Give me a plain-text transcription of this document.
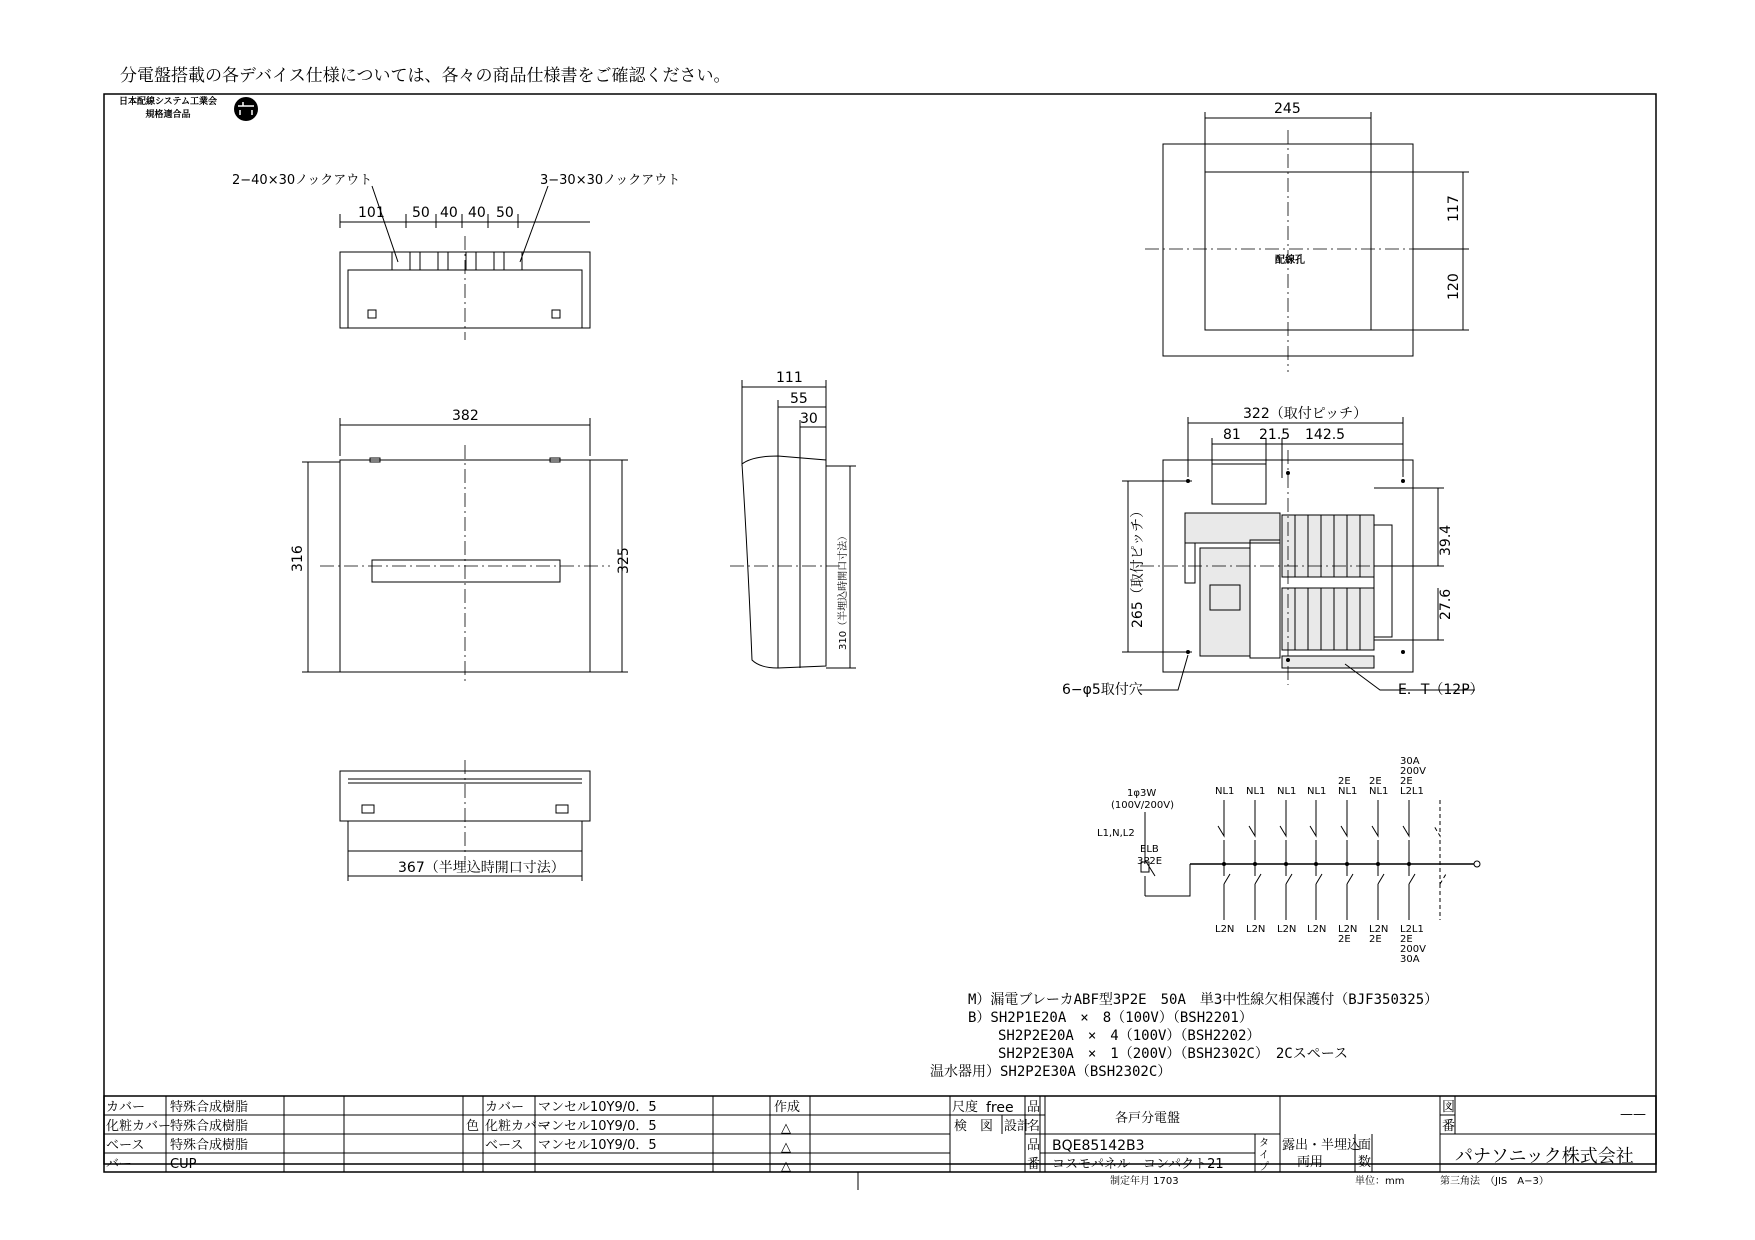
分電盤搭載の各デバイス仕様については、各々の商品仕様書をご確認ください。
日本配線システム工業会
規格適合品
2−40×30ノックアウト	3−30×30ノックアウト
101 50 40 40 50
382
316	325
111
55
30
310（半埋込時開口寸法）
367（半埋込時開口寸法）
245
配線孔
117
120
322（取付ピッチ）
81 21.5 142.5
265（取付ピッチ）	39.4
27.6
6−φ5取付穴	E．T（12P）
1φ3W
(100V/200V)
L1,N,L2
ELB
3P2E
NL1
L2N
NL1
L2N
NL1
L2N
NL1
L2N
2E
NL1
L2N
2E
2E
NL1
L2N
2E
30A
200V
2E
L2L1
L2L1
2E
200V
30A
M）漏電ブレーカABF型3P2E　50A　単3中性線欠相保護付（BJF350325）
B）SH2P1E20A　×　8（100V）（BSH2201）
SH2P2E20A　×　4（100V）（BSH2202）
SH2P2E30A　×　1（200V）（BSH2302C）　2Cスペース
温水器用）SH2P2E30A（BSH2302C）
カバー 特殊合成樹脂
化粧カバー
特殊合成樹脂
ベース 特殊合成樹脂
バー	CUP
色
カバー マンセル10Y9/0．5
化粧カバー
マンセル10Y9/0．5
ベース マンセル10Y9/0．5
作成
△
△
△
尺度 free
検　図 設計
品
名
品
番
各戸分電盤
BQE85142B3
コスモパネル　コンパクト21
タ
イ
プ
露出・半埋込
両用
面
数
図
番
——
パナソニック株式会社
制定年月 1703	単位：mm	第三角法　（JIS　A−3）
